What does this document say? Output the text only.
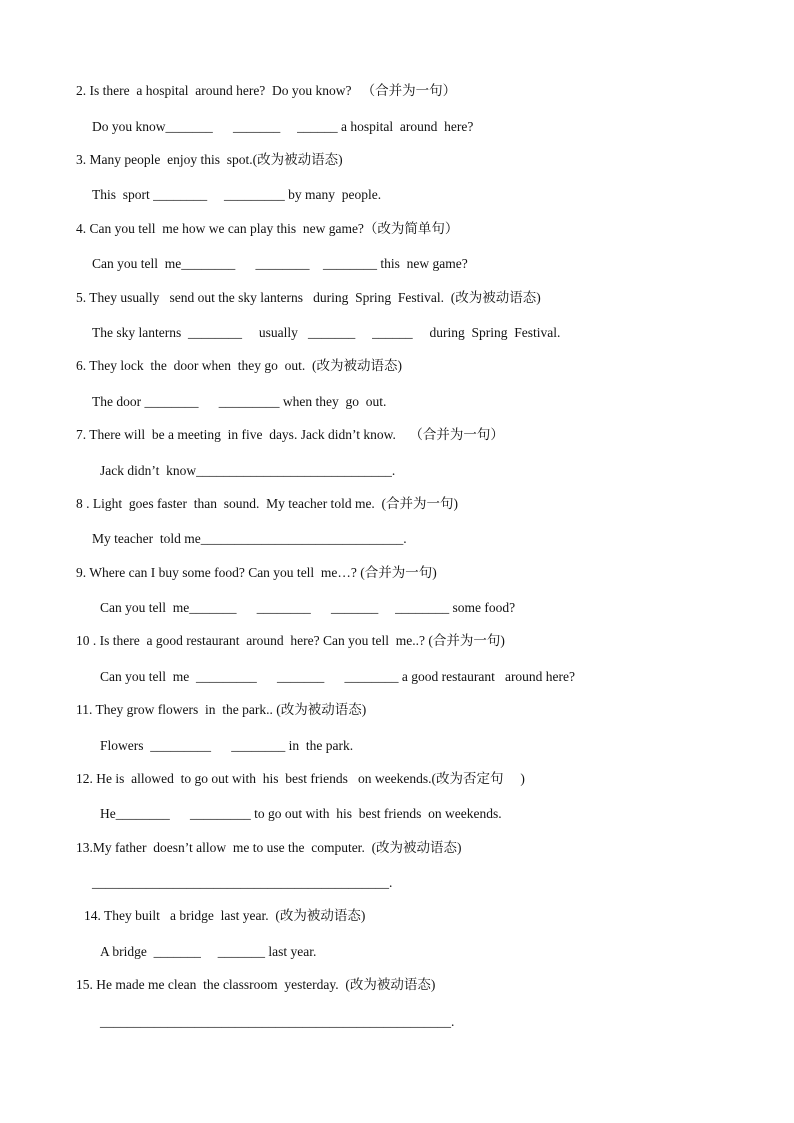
2. Is there  a hospital  around here?  Do you know?   （合并为一句）
Do you know_______      _______     ______ a hospital  around  here?
3. Many people  enjoy this  spot.(改为被动语态)
This  sport ________     _________ by many  people.
4. Can you tell  me how we can play this  new game?（改为简单句）
Can you tell  me________      ________    ________ this  new game?
5. They usually   send out the sky lanterns   during  Spring  Festival.  (改为被动语态)
The sky lanterns  ________     usually   _______     ______     during  Spring  Festival.
6. They lock  the  door when  they go  out.  (改为被动语态)
The door ________      _________ when they  go  out.
7. There will  be a meeting  in five  days. Jack didn’t know.    （合并为一句）
Jack didn’t  know_____________________________.
8 . Light  goes faster  than  sound.  My teacher told me.  (合并为一句)
My teacher  told me______________________________.
9. Where can I buy some food? Can you tell  me…? (合并为一句)
Can you tell  me_______      ________      _______     ________ some food?
10 . Is there  a good restaurant  around  here? Can you tell  me..? (合并为一句)
Can you tell  me  _________      _______      ________ a good restaurant   around here?
11. They grow flowers  in  the park.. (改为被动语态)
Flowers  _________      ________ in  the park.
12. He is  allowed  to go out with  his  best friends   on weekends.(改为否定句     )
He________      _________ to go out with  his  best friends  on weekends.
13.My father  doesn’t allow  me to use the  computer.  (改为被动语态)
____________________________________________.
14. They built   a bridge  last year.  (改为被动语态)
A bridge  _______     _______ last year.
15. He made me clean  the classroom  yesterday.  (改为被动语态)
____________________________________________________.
